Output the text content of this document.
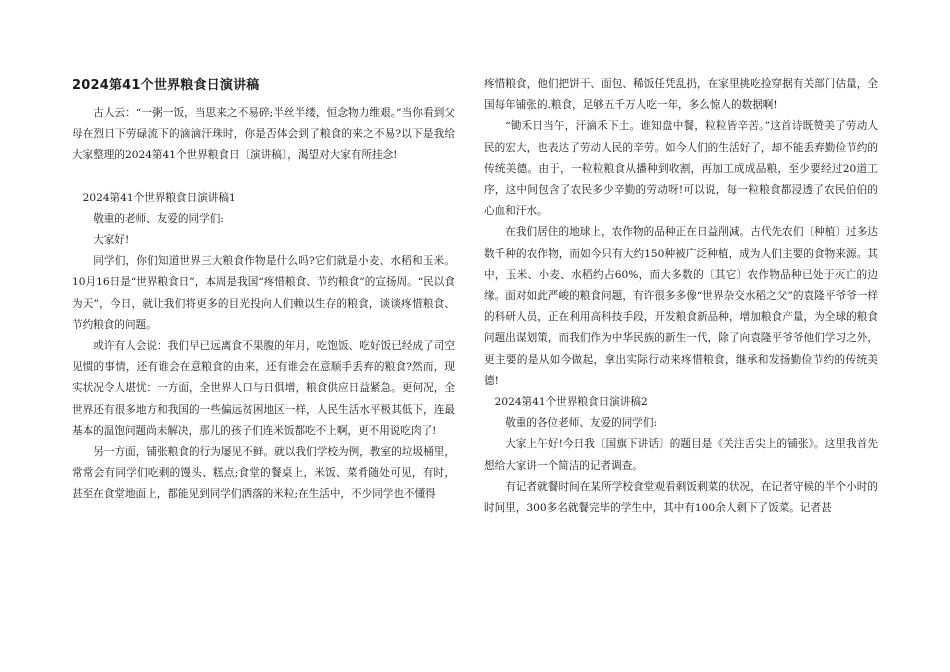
2024第41个世界粮食日演讲稿

古人云：“一粥一饭，当思来之不易碎;半丝半缕，恒念物力维艰。”当你看到父母在烈日下劳碌流下的滴滴汗珠时，你是否体会到了粮食的来之不易?以下是我给大家整理的2024第41个世界粮食日〔演讲稿〕，渴望对大家有所挂念!

2024第41个世界粮食日演讲稿1

敬重的老师、友爱的同学们:

大家好!

同学们，你们知道世界三大粮食作物是什么吗?它们就是小麦、水稻和玉米。10月16日是“世界粮食日”，本周是我国“疼惜粮食、节约粮食”的宣扬周。“民以食为天”，今日，就让我们将更多的目光投向人们赖以生存的粮食，谈谈疼惜粮食、节约粮食的问题。

或许有人会说：我们早已远离食不果腹的年月，吃饱饭、吃好饭已经成了司空见惯的事情，还有谁会在意粮食的由来，还有谁会在意顺手丢弃的粮食?然而，现实状况令人堪忧：一方面，全世界人口与日俱增，粮食供应日益紧急。更何况，全世界还有很多地方和我国的一些偏远贫困地区一样，人民生活水平极其低下，连最基本的温饱问题尚未解决，那儿的孩子们连米饭都吃不上啊，更不用说吃肉了!

另一方面，铺张粮食的行为屡见不鲜。就以我们学校为例，教室的垃圾桶里，常常会有同学们吃剩的馒头、糕点;食堂的餐桌上，米饭、菜肴随处可见，有时，甚至在食堂地面上，都能见到同学们洒落的米粒;在生活中，不少同学也不懂得

疼惜粮食，他们把饼干、面包、稀饭任凭乱扔，在家里挑吃捡穿据有关部门估量，全国每年铺张的.粮食，足够五千万人吃一年，多么惊人的数据啊!

“锄禾日当午，汗滴禾下土。谁知盘中餐，粒粒皆辛苦。”这首诗既赞美了劳动人民的宏大，也表达了劳动人民的辛劳。如今人们的生活好了，却不能丢弃勤俭节约的传统美德。由于，一粒粒粮食从播种到收割，再加工成成品粮，至少要经过20道工序，这中间包含了农民多少辛勤的劳动呀!可以说，每一粒粮食都浸透了农民伯伯的心血和汗水。

在我们居住的地球上，农作物的品种正在日益削减。古代先农们〔种植〕过多达数千种的农作物，而如今只有大约150种被广泛种植，成为人们主要的食物来源。其中，玉米、小麦、水稻约占60%，而大多数的〔其它〕农作物品种已处于灭亡的边缘。面对如此严峻的粮食问题，有许很多多像“世界杂交水稻之父”的袁隆平爷爷一样的科研人员，正在利用高科技手段，开发粮食新品种，增加粮食产量，为全球的粮食问题出谋划策，而我们作为中华民族的新生一代，除了向袁隆平爷爷他们学习之外，更主要的是从如今做起，拿出实际行动来疼惜粮食，继承和发扬勤俭节约的传统美德!

2024第41个世界粮食日演讲稿2

敬重的各位老师、友爱的同学们:

大家上午好!今日我〔国旗下讲话〕的题目是《关注舌尖上的铺张》。这里我首先想给大家讲一个简洁的记者调查。

有记者就餐时间在某所学校食堂观看剩饭剩菜的状况，在记者守候的半个小时的时间里，300多名就餐完毕的学生中，其中有100余人剩下了饭菜。记者甚
